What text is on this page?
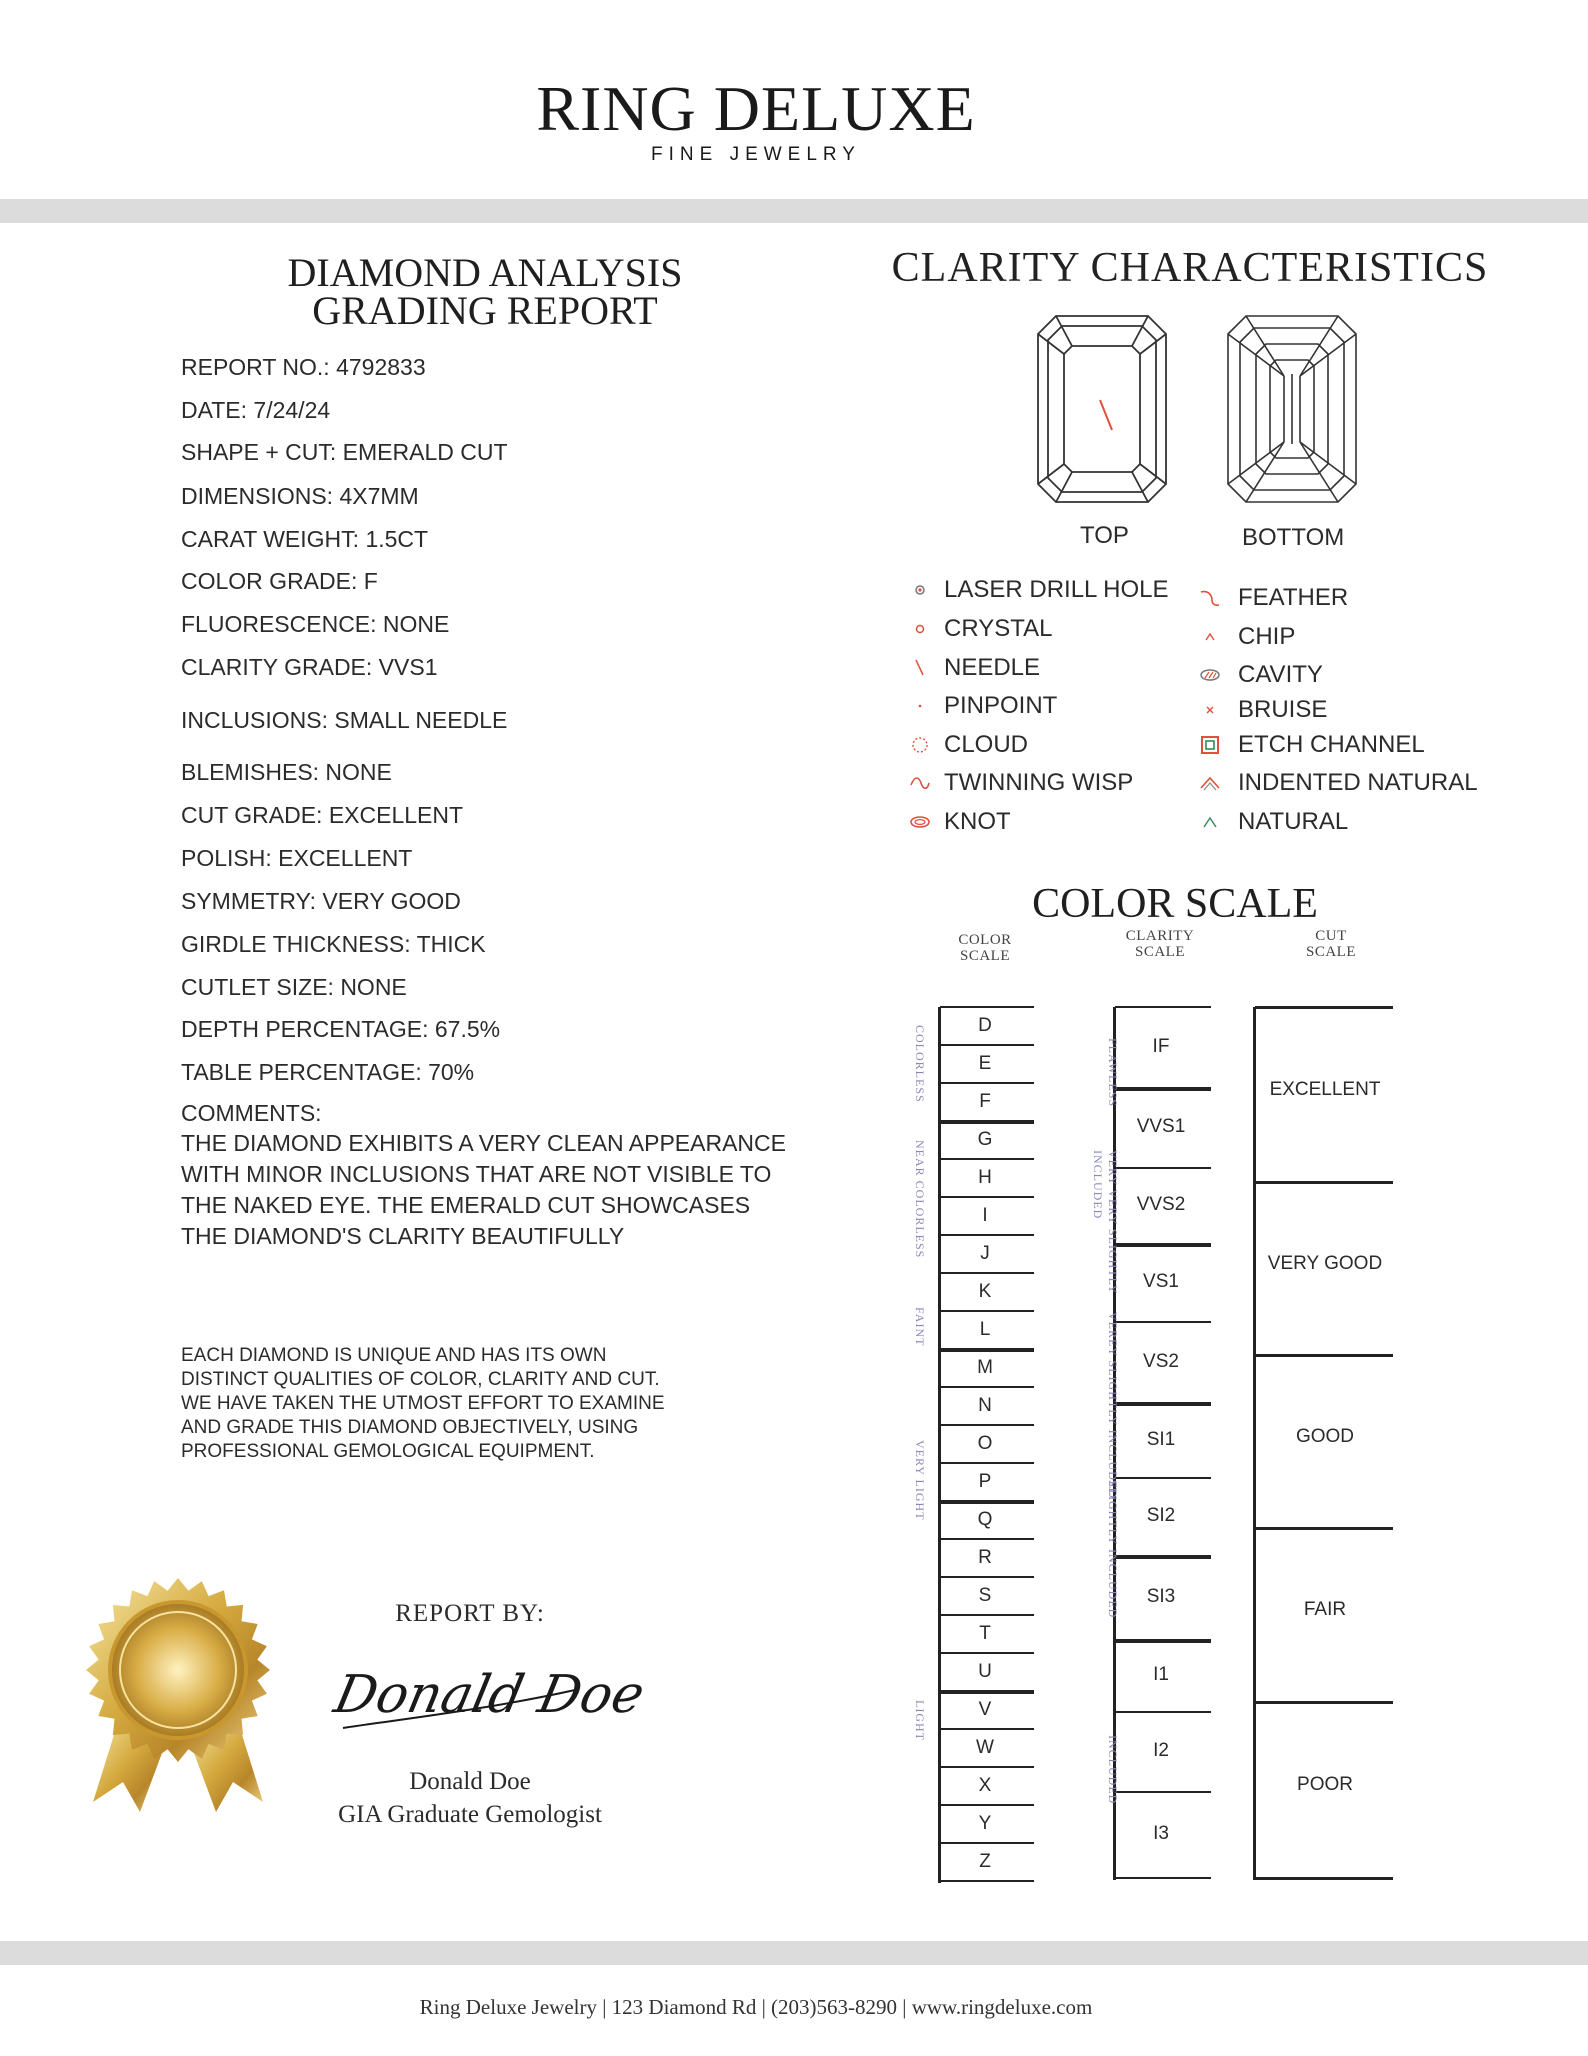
RING DELUXE
FINE JEWELRY
DIAMOND ANALYSIS
GRADING REPORT
REPORT NO.: 4792833
DATE: 7/24/24
SHAPE + CUT: EMERALD CUT
DIMENSIONS: 4X7MM
CARAT WEIGHT: 1.5CT
COLOR GRADE: F
FLUORESCENCE: NONE
CLARITY GRADE: VVS1
INCLUSIONS: SMALL NEEDLE
BLEMISHES: NONE
CUT GRADE: EXCELLENT
POLISH: EXCELLENT
SYMMETRY: VERY GOOD
GIRDLE THICKNESS: THICK
CUTLET SIZE: NONE
DEPTH PERCENTAGE: 67.5%
TABLE PERCENTAGE: 70%
COMMENTS:
THE DIAMOND EXHIBITS A VERY CLEAN APPEARANCE WITH MINOR INCLUSIONS THAT ARE NOT VISIBLE TO THE NAKED EYE. THE EMERALD CUT SHOWCASES THE DIAMOND'S CLARITY BEAUTIFULLY
EACH DIAMOND IS UNIQUE AND HAS ITS OWN DISTINCT QUALITIES OF COLOR, CLARITY AND CUT. WE HAVE TAKEN THE UTMOST EFFORT TO EXAMINE AND GRADE THIS DIAMOND OBJECTIVELY, USING PROFESSIONAL GEMOLOGICAL EQUIPMENT.
REPORT BY:
Donald Doe
Donald Doe
GIA Graduate Gemologist
CLARITY CHARACTERISTICS
TOP	BOTTOM
LASER DRILL HOLE
CRYSTAL
NEEDLE
PINPOINT
CLOUD
TWINNING WISP
KNOT
FEATHER
CHIP
CAVITY
BRUISE
ETCH CHANNEL
INDENTED NATURAL
NATURAL
COLOR SCALE
COLOR
SCALE
CLARITY
SCALE
CUT
SCALE
D
E
F
G
H
I
J
K
L
M
N
O
P
Q
R
S
T
U
V
W
X
Y
Z
COLORLESS
NEAR COLORLESS
FAINT
VERY LIGHT
LIGHT
IF
VVS1
VVS2
VS1
VS2
SI1
SI2
SI3
I1
I2
I3
FLAWLESS
VERY VERY SLIGHTLY INCLUDED
VEREY SLIGHTLY INCLUDED
SLIGHTLY INCLUDED
INCLUDED
EXCELLENT
VERY GOOD
GOOD
FAIR
POOR
Ring Deluxe Jewelry | 123 Diamond Rd | (203)563-8290 | www.ringdeluxe.com
